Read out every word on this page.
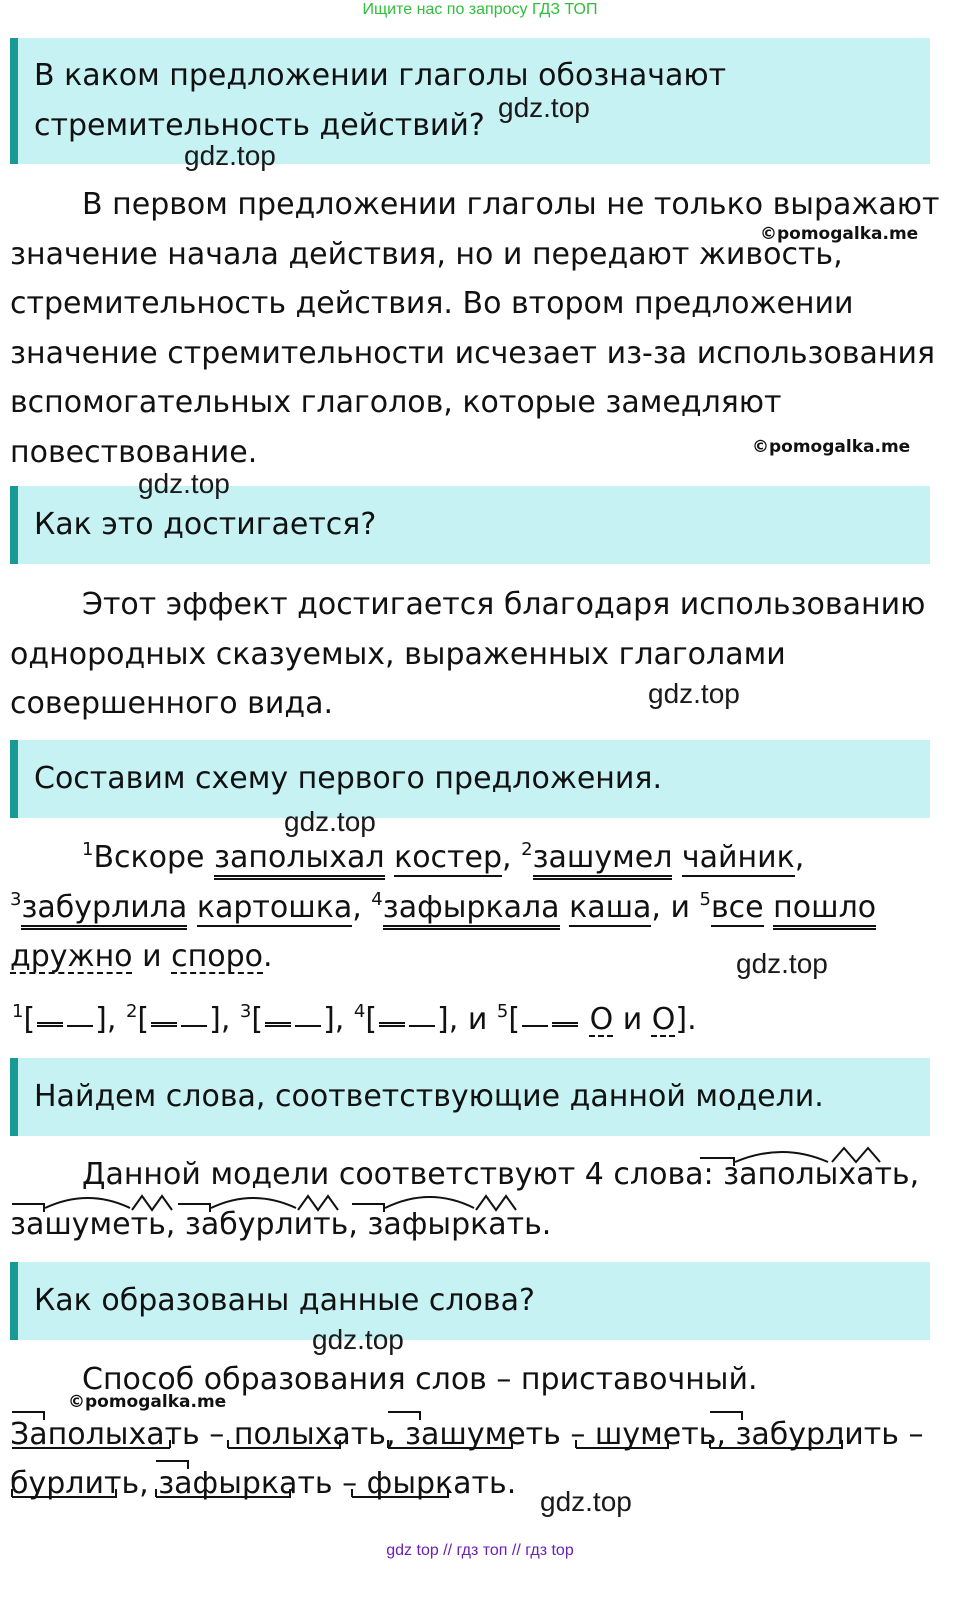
Ищите нас по запросу ГДЗ ТОП
В каком предложении глаголы обозначают
стремительность действий?
В первом предложении глаголы не только выражают
значение начала действия, но и передают живость,
стремительность действия. Во втором предложении
значение стремительности исчезает из-за использования
вспомогательных глаголов, которые замедляют
повествование.
Как это достигается?
Этот эффект достигается благодаря использованию
однородных сказуемых, выраженных глаголами
совершенного вида.
Составим схему первого предложения.
$^1$Вскоре заполыхал костер, $^2$зашумел чайник,
$^3$забурлила картошка, $^4$зафыркала каша, и $^5$все пошло
дружно и споро.
$^1$[ ], $^2$[ ], $^3$[ ], $^4$[ ], и $^5$[ О и О].
Найдем слова, соответствующие данной модели.
Данной модели соответствуют 4 слова: заполыхать,
зашуметь, забурлить, зафыркать.
Как образованы данные слова?
Способ образования слов – приставочный.
Заполыхать – полыхать, зашуметь – шуметь, забурлить –
бурлить, зафыркать – фыркать.
gdz.top
gdz.top
©pomogalka.me
©pomogalka.me
gdz.top
gdz.top
gdz.top
gdz.top
gdz.top
©pomogalka.me
gdz.top
gdz top // гдз топ // гдз top
